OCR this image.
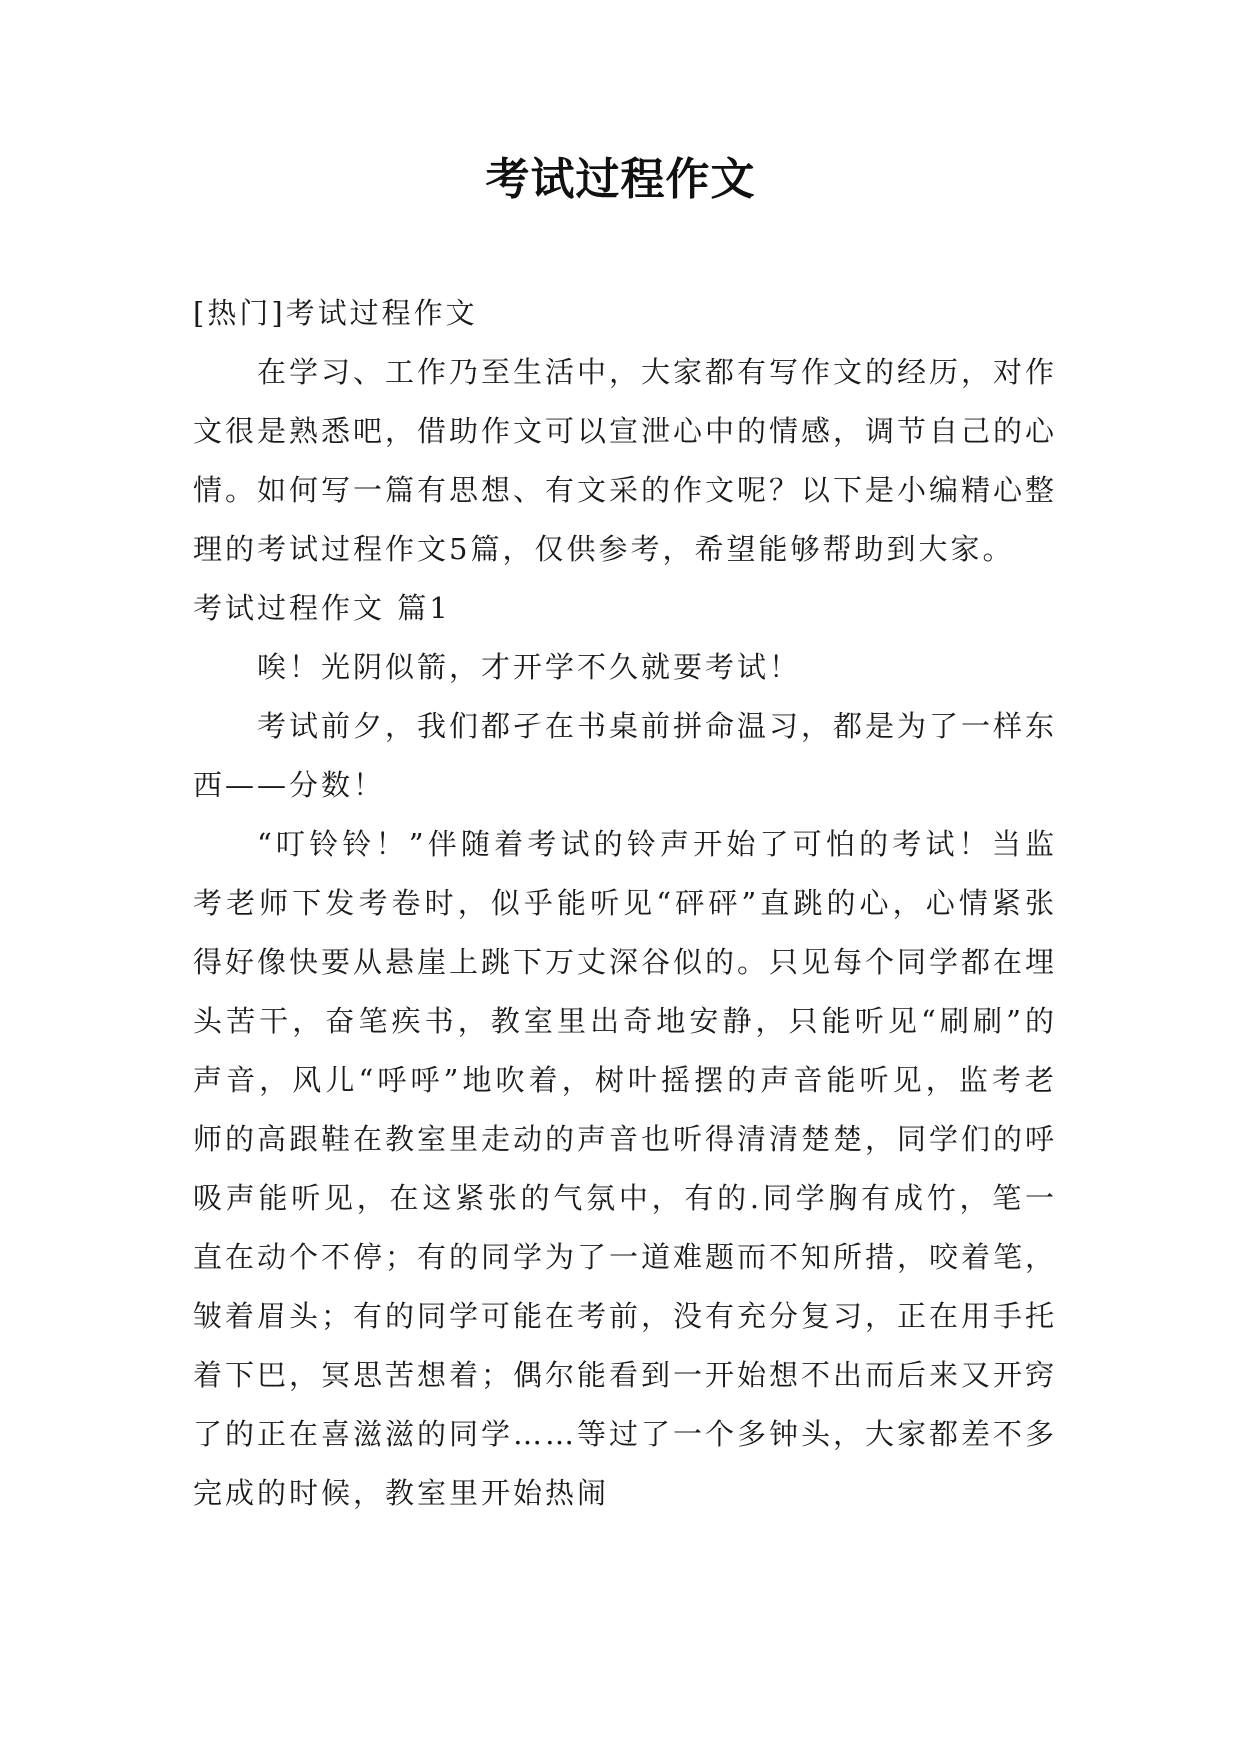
考试过程作文

[热门]考试过程作文

在学习、工作乃至生活中，大家都有写作文的经历，对作文很是熟悉吧，借助作文可以宣泄心中的情感，调节自己的心情。如何写一篇有思想、有文采的作文呢？以下是小编精心整理的考试过程作文5篇，仅供参考，希望能够帮助到大家。

考试过程作文 篇1

唉！光阴似箭，才开学不久就要考试！

考试前夕，我们都孑在书桌前拼命温习，都是为了一样东西——分数！

“叮铃铃！”伴随着考试的铃声开始了可怕的考试！当监考老师下发考卷时，似乎能听见“砰砰”直跳的心，心情紧张得好像快要从悬崖上跳下万丈深谷似的。只见每个同学都在埋头苦干，奋笔疾书，教室里出奇地安静，只能听见“刷刷”的声音，风儿“呼呼”地吹着，树叶摇摆的声音能听见，监考老师的高跟鞋在教室里走动的声音也听得清清楚楚，同学们的呼吸声能听见，在这紧张的气氛中，有的.同学胸有成竹，笔一直在动个不停；有的同学为了一道难题而不知所措，咬着笔，皱着眉头；有的同学可能在考前，没有充分复习，正在用手托着下巴，冥思苦想着；偶尔能看到一开始想不出而后来又开窍了的正在喜滋滋的同学……等过了一个多钟头，大家都差不多完成的时候，教室里开始热闹
